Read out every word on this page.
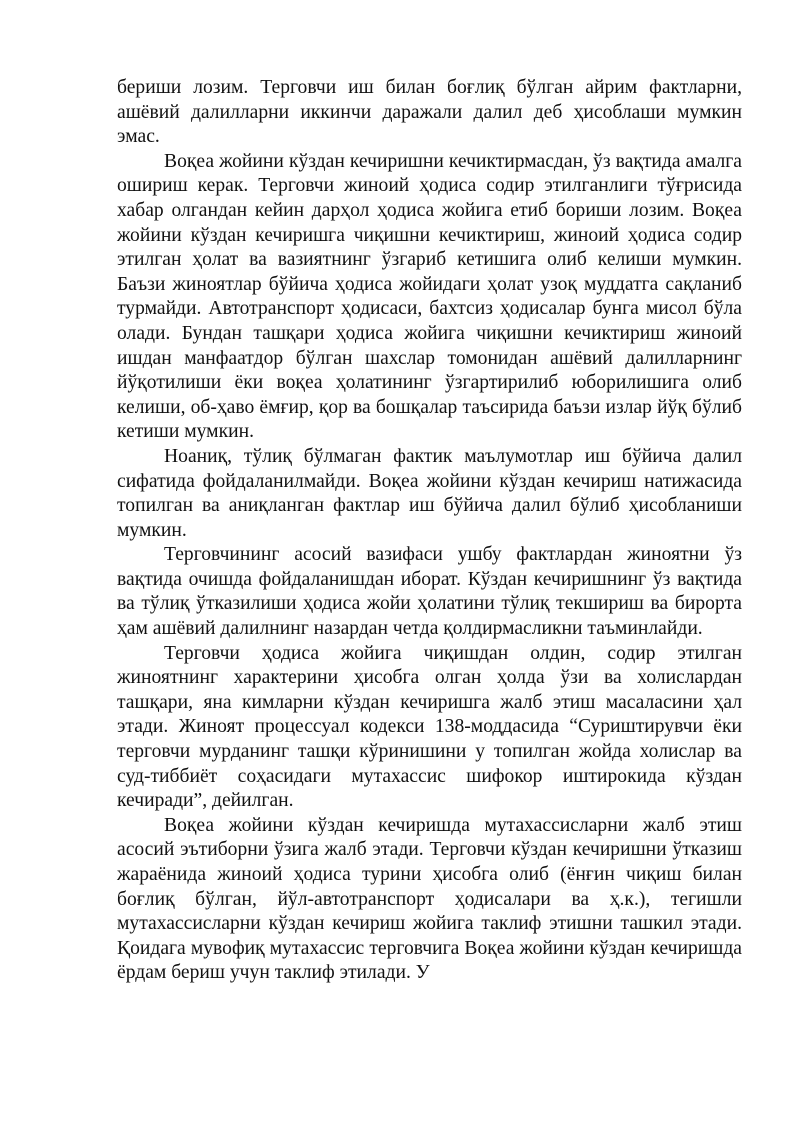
бериши лозим. Терговчи иш билан боғлиқ бўлган айрим фактларни, ашёвий далилларни иккинчи даражали далил деб ҳисоблаши мумкин эмас.

Воқеа жойини кўздан кечиришни кечиктирмасдан, ўз вақтида амалга ошириш керак. Терговчи жиноий ҳодиса содир этилганлиги тўғрисида хабар олгандан кейин дарҳол ҳодиса жойига етиб бориши лозим. Воқеа жойини кўздан кечиришга чиқишни кечиктириш, жиноий ҳодиса содир этилган ҳолат ва вазиятнинг ўзгариб кетишига олиб келиши мумкин. Баъзи жиноятлар бўйича ҳодиса жойидаги ҳолат узоқ муддатга сақланиб турмайди. Автотранспорт ҳодисаси, бахтсиз ҳодисалар бунга мисол бўла олади. Бундан ташқари ҳодиса жойига чиқишни кечиктириш жиноий ишдан манфаатдор бўлган шахслар томонидан ашёвий далилларнинг йўқотилиши ёки воқеа ҳолатининг ўзгартирилиб юборилишига олиб келиши, об-ҳаво ёмғир, қор ва бошқалар таъсирида баъзи излар йўқ бўлиб кетиши мумкин.

Ноаниқ, тўлиқ бўлмаган фактик маълумотлар иш бўйича далил сифатида фойдаланилмайди. Воқеа жойини кўздан кечириш натижасида топилган ва аниқланган фактлар иш бўйича далил бўлиб ҳисобланиши мумкин.

Терговчининг асосий вазифаси ушбу фактлардан жиноятни ўз вақтида очишда фойдаланишдан иборат. Кўздан кечиришнинг ўз вақтида ва тўлиқ ўтказилиши ҳодиса жойи ҳолатини тўлиқ текшириш ва бирорта ҳам ашёвий далилнинг назардан четда қолдирмасликни таъминлайди.

Терговчи ҳодиса жойига чиқишдан олдин, содир этилган жиноятнинг характерини ҳисобга олган ҳолда ўзи ва холислардан ташқари, яна кимларни кўздан кечиришга жалб этиш масаласини ҳал этади. Жиноят процессуал кодекси 138-моддасида “Суриштирувчи ёки терговчи мурданинг ташқи кўринишини у топилган жойда холислар ва суд-тиббиёт соҳасидаги мутахассис шифокор иштирокида кўздан кечиради”, дейилган.

Воқеа жойини кўздан кечиришда мутахассисларни жалб этиш асосий эътиборни ўзига жалб этади. Терговчи кўздан кечиришни ўтказиш жараёнида жиноий ҳодиса турини ҳисобга олиб (ёнғин чиқиш билан боғлиқ бўлган, йўл-автотранспорт ҳодисалари ва ҳ.к.), тегишли мутахассисларни кўздан кечириш жойига таклиф этишни ташкил этади. Қоидага мувофиқ мутахассис терговчига Воқеа жойини кўздан кечиришда ёрдам бериш учун таклиф этилади. У
